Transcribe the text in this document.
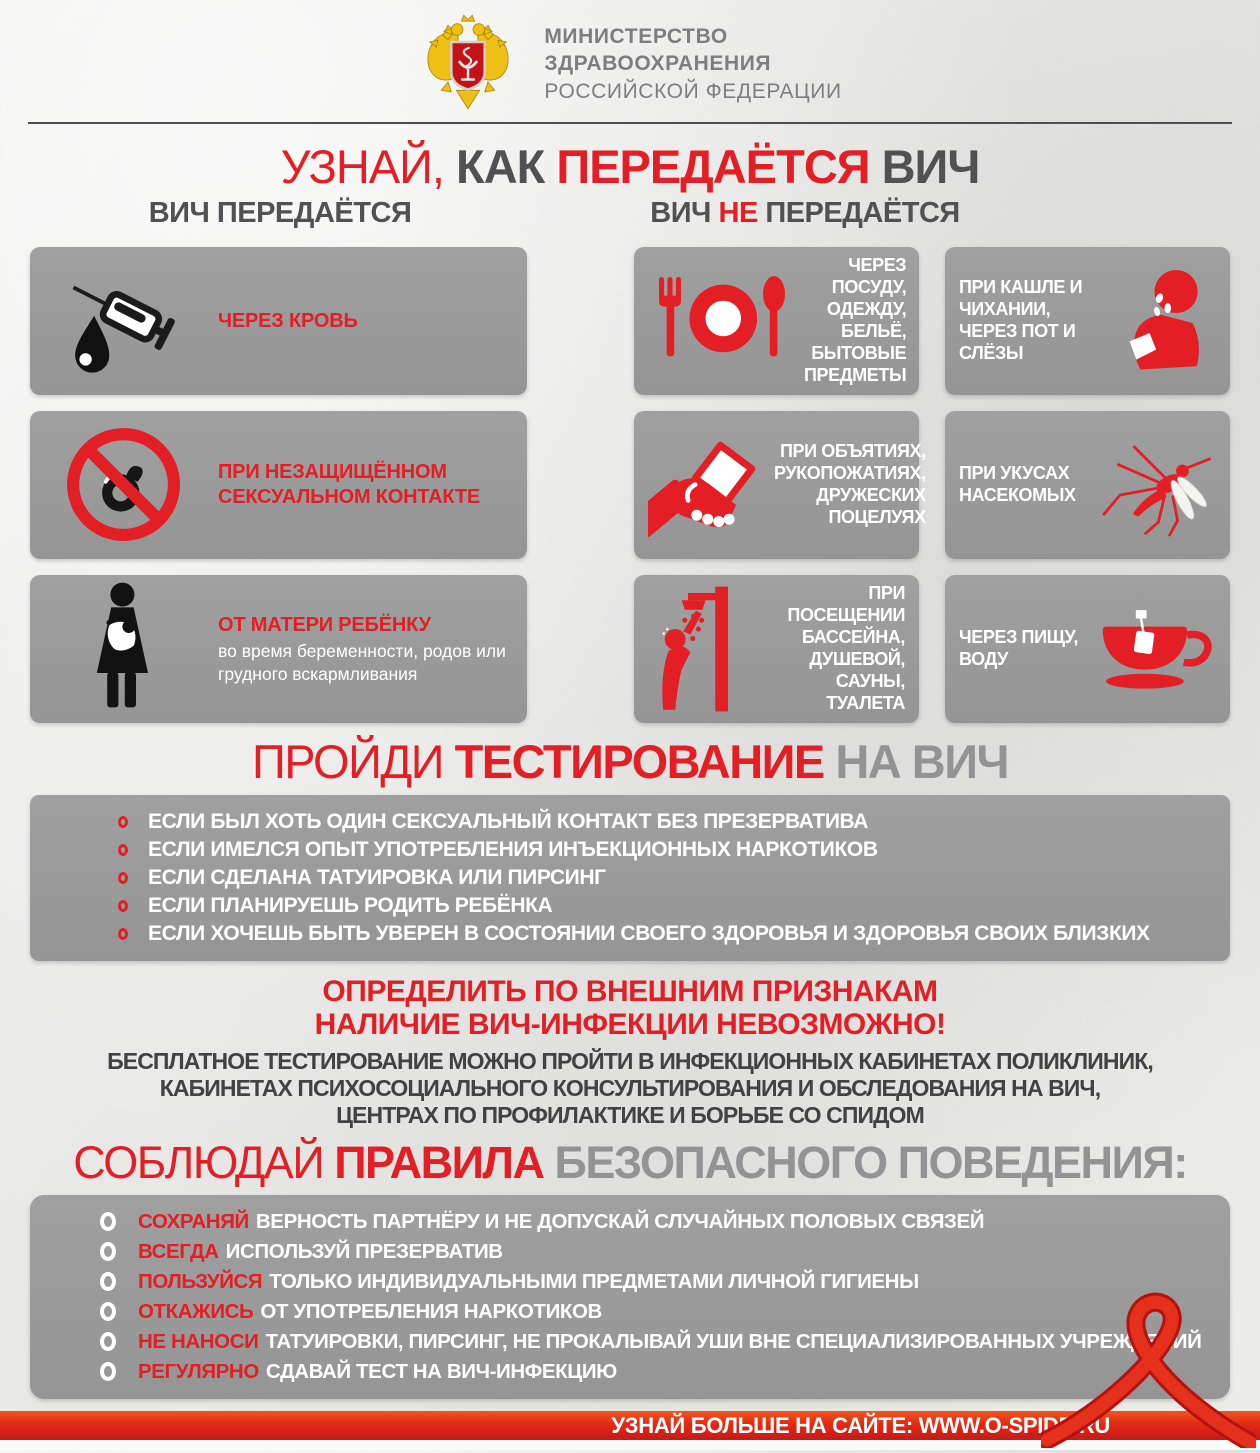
МИНИСТЕРСТВО
ЗДРАВООХРАНЕНИЯ
РОССИЙСКОЙ ФЕДЕРАЦИИ
УЗНАЙ, КАК ПЕРЕДАЁТСЯ ВИЧ
ВИЧ ПЕРЕДАЁТСЯ	ВИЧ НЕ ПЕРЕДАЁТСЯ
ЧЕРЕЗ КРОВЬ
ЧЕРЕЗ ПОСУДУ, ОДЕЖДУ, БЕЛЬЁ, БЫТОВЫЕ ПРЕДМЕТЫ
ПРИ КАШЛЕ И ЧИХАНИИ, ЧЕРЕЗ ПОТ И СЛЁЗЫ
ПРИ НЕЗАЩИЩЁННОМ СЕКСУАЛЬНОМ КОНТАКТЕ
ПРИ ОБЪЯТИЯХ, РУКОПОЖАТИЯХ, ДРУЖЕСКИХ ПОЦЕЛУЯХ
ПРИ УКУСАХ НАСЕКОМЫХ
ОТ МАТЕРИ РЕБЁНКУ
во время беременности, родов или грудного вскармливания
ПРИ ПОСЕЩЕНИИ БАССЕЙНА, ДУШЕВОЙ, САУНЫ, ТУАЛЕТА
ЧЕРЕЗ ПИЩУ, ВОДУ
ПРОЙДИ ТЕСТИРОВАНИЕ НА ВИЧ
ЕСЛИ БЫЛ ХОТЬ ОДИН СЕКСУАЛЬНЫЙ КОНТАКТ БЕЗ ПРЕЗЕРВАТИВА
ЕСЛИ ИМЕЛСЯ ОПЫТ УПОТРЕБЛЕНИЯ ИНЪЕКЦИОННЫХ НАРКОТИКОВ
ЕСЛИ СДЕЛАНА ТАТУИРОВКА ИЛИ ПИРСИНГ
ЕСЛИ ПЛАНИРУЕШЬ РОДИТЬ РЕБЁНКА
ЕСЛИ ХОЧЕШЬ БЫТЬ УВЕРЕН В СОСТОЯНИИ СВОЕГО ЗДОРОВЬЯ И ЗДОРОВЬЯ СВОИХ БЛИЗКИХ
ОПРЕДЕЛИТЬ ПО ВНЕШНИМ ПРИЗНАКАМ
НАЛИЧИЕ ВИЧ-ИНФЕКЦИИ НЕВОЗМОЖНО!
БЕСПЛАТНОЕ ТЕСТИРОВАНИЕ МОЖНО ПРОЙТИ В ИНФЕКЦИОННЫХ КАБИНЕТАХ ПОЛИКЛИНИК,
КАБИНЕТАХ ПСИХОСОЦИАЛЬНОГО КОНСУЛЬТИРОВАНИЯ И ОБСЛЕДОВАНИЯ НА ВИЧ,
ЦЕНТРАХ ПО ПРОФИЛАКТИКЕ И БОРЬБЕ СО СПИДОМ
СОБЛЮДАЙ ПРАВИЛА БЕЗОПАСНОГО ПОВЕДЕНИЯ:
СОХРАНЯЙ ВЕРНОСТЬ ПАРТНЁРУ И НЕ ДОПУСКАЙ СЛУЧАЙНЫХ ПОЛОВЫХ СВЯЗЕЙ
ВСЕГДА ИСПОЛЬЗУЙ ПРЕЗЕРВАТИВ
ПОЛЬЗУЙСЯ ТОЛЬКО ИНДИВИДУАЛЬНЫМИ ПРЕДМЕТАМИ ЛИЧНОЙ ГИГИЕНЫ
ОТКАЖИСЬ ОТ УПОТРЕБЛЕНИЯ НАРКОТИКОВ
НЕ НАНОСИ ТАТУИРОВКИ, ПИРСИНГ, НЕ ПРОКАЛЫВАЙ УШИ ВНЕ СПЕЦИАЛИЗИРОВАННЫХ УЧРЕЖДЕНИЙ
РЕГУЛЯРНО СДАВАЙ ТЕСТ НА ВИЧ-ИНФЕКЦИЮ
УЗНАЙ БОЛЬШЕ НА САЙТЕ: WWW.O-SPIDE.RU
